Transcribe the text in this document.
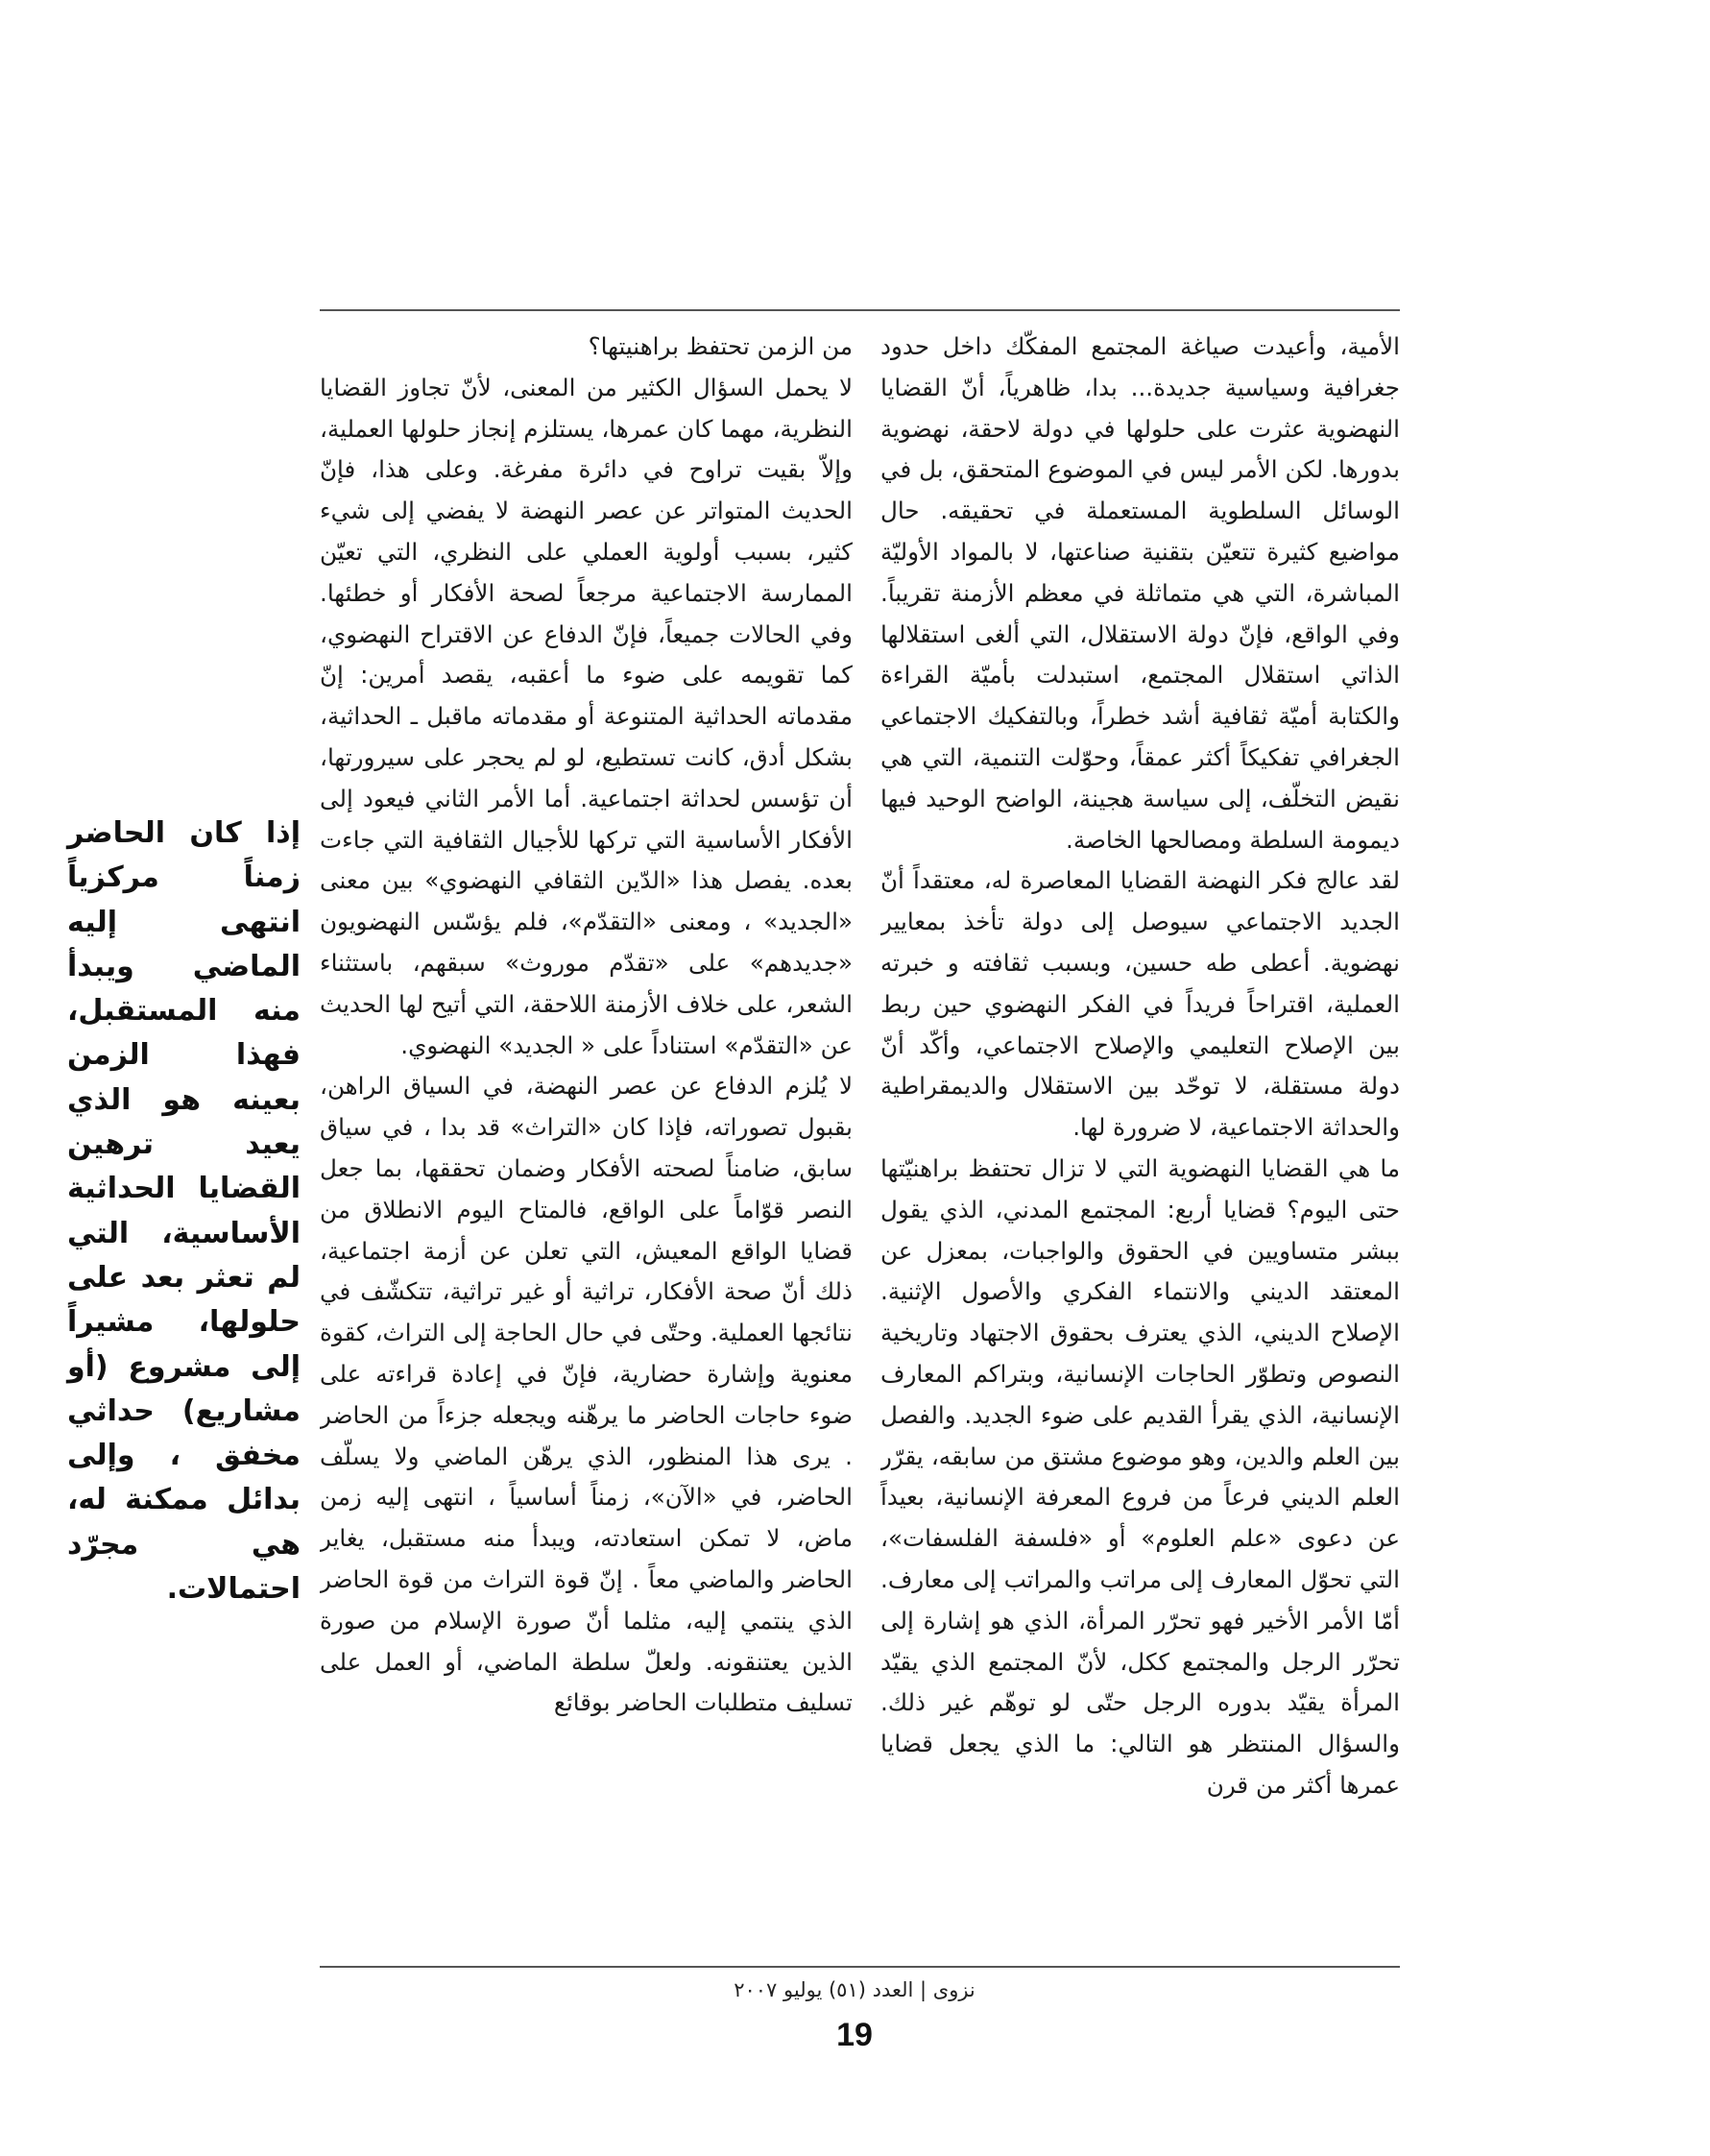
الأمية، وأعيدت صياغة المجتمع المفكّك داخل حدود جغرافية وسياسية جديدة... بدا، ظاهرياً، أنّ القضايا النهضوية عثرت على حلولها في دولة لاحقة، نهضوية بدورها. لكن الأمر ليس في الموضوع المتحقق، بل في الوسائل السلطوية المستعملة في تحقيقه. حال مواضيع كثيرة تتعيّن بتقنية صناعتها، لا بالمواد الأوليّة المباشرة، التي هي متماثلة في معظم الأزمنة تقريباً. وفي الواقع، فإنّ دولة الاستقلال، التي ألغى استقلالها الذاتي استقلال المجتمع، استبدلت بأميّة القراءة والكتابة أميّة ثقافية أشد خطراً، وبالتفكيك الاجتماعي الجغرافي تفكيكاً أكثر عمقاً، وحوّلت التنمية، التي هي نقيض التخلّف، إلى سياسة هجينة، الواضح الوحيد فيها ديمومة السلطة ومصالحها الخاصة.

لقد عالج فكر النهضة القضايا المعاصرة له، معتقداً أنّ الجديد الاجتماعي سيوصل إلى دولة تأخذ بمعايير نهضوية. أعطى طه حسين، وبسبب ثقافته و خبرته العملية، اقتراحاً فريداً في الفكر النهضوي حين ربط بين الإصلاح التعليمي والإصلاح الاجتماعي، وأكّد أنّ دولة مستقلة، لا توحّد بين الاستقلال والديمقراطية والحداثة الاجتماعية، لا ضرورة لها.

ما هي القضايا النهضوية التي لا تزال تحتفظ براهنيّتها حتى اليوم؟ قضايا أربع: المجتمع المدني، الذي يقول ببشر متساويين في الحقوق والواجبات، بمعزل عن المعتقد الديني والانتماء الفكري والأصول الإثنية. الإصلاح الديني، الذي يعترف بحقوق الاجتهاد وتاريخية النصوص وتطوّر الحاجات الإنسانية، وبتراكم المعارف الإنسانية، الذي يقرأ القديم على ضوء الجديد. والفصل بين العلم والدين، وهو موضوع مشتق من سابقه، يقرّر العلم الديني فرعاً من فروع المعرفة الإنسانية، بعيداً عن دعوى «علم العلوم» أو «فلسفة الفلسفات»، التي تحوّل المعارف إلى مراتب والمراتب إلى معارف. أمّا الأمر الأخير فهو تحرّر المرأة، الذي هو إشارة إلى تحرّر الرجل والمجتمع ككل، لأنّ المجتمع الذي يقيّد المرأة يقيّد بدوره الرجل حتّى لو توهّم غير ذلك. والسؤال المنتظر هو التالي: ما الذي يجعل قضايا عمرها أكثر من قرن

من الزمن تحتفظ براهنيتها؟

لا يحمل السؤال الكثير من المعنى، لأنّ تجاوز القضايا النظرية، مهما كان عمرها، يستلزم إنجاز حلولها العملية، وإلاّ بقيت تراوح في دائرة مفرغة. وعلى هذا، فإنّ الحديث المتواتر عن عصر النهضة لا يفضي إلى شيء كثير، بسبب أولوية العملي على النظري، التي تعيّن الممارسة الاجتماعية مرجعاً لصحة الأفكار أو خطئها. وفي الحالات جميعاً، فإنّ الدفاع عن الاقتراح النهضوي، كما تقويمه على ضوء ما أعقبه، يقصد أمرين: إنّ مقدماته الحداثية المتنوعة أو مقدماته ماقبل ـ الحداثية، بشكل أدق، كانت تستطيع، لو لم يحجر على سيرورتها، أن تؤسس لحداثة اجتماعية. أما الأمر الثاني فيعود إلى الأفكار الأساسية التي تركها للأجيال الثقافية التي جاءت بعده. يفصل هذا «الدّين الثقافي النهضوي» بين معنى «الجديد» ، ومعنى «التقدّم»، فلم يؤسّس النهضويون «جديدهم» على «تقدّم موروث» سبقهم، باستثناء الشعر، على خلاف الأزمنة اللاحقة، التي أتيح لها الحديث عن «التقدّم» استناداً على « الجديد» النهضوي.

لا يُلزم الدفاع عن عصر النهضة، في السياق الراهن، بقبول تصوراته، فإذا كان «التراث» قد بدا ، في سياق سابق، ضامناً لصحته الأفكار وضمان تحققها، بما جعل النصر قوّاماً على الواقع، فالمتاح اليوم الانطلاق من قضايا الواقع المعيش، التي تعلن عن أزمة اجتماعية، ذلك أنّ صحة الأفكار، تراثية أو غير تراثية، تتكشّف في نتائجها العملية. وحتّى في حال الحاجة إلى التراث، كقوة معنوية وإشارة حضارية، فإنّ في إعادة قراءته على ضوء حاجات الحاضر ما يرهّنه ويجعله جزءاً من الحاضر . يرى هذا المنظور، الذي يرهّن الماضي ولا يسلّف الحاضر، في «الآن»، زمناً أساسياً ، انتهى إليه زمن ماض، لا تمكن استعادته، ويبدأ منه مستقبل، يغاير الحاضر والماضي معاً . إنّ قوة التراث من قوة الحاضر الذي ينتمي إليه، مثلما أنّ صورة الإسلام من صورة الذين يعتنقونه. ولعلّ سلطة الماضي، أو العمل على تسليف متطلبات الحاضر بوقائع

إذا كان الحاضر زمناً مركزياً انتهى إليه الماضي ويبدأ منه المستقبل، فهذا الزمن بعينه هو الذي يعيد ترهين القضايا الحداثية الأساسية، التي لم تعثر بعد على حلولها، مشيراً إلى مشروع (أو مشاريع) حداثي مخفق ، وإلى بدائل ممكنة له، هي مجرّد احتمالات.
نزوى | العدد (٥١) يوليو ٢٠٠٧
19
